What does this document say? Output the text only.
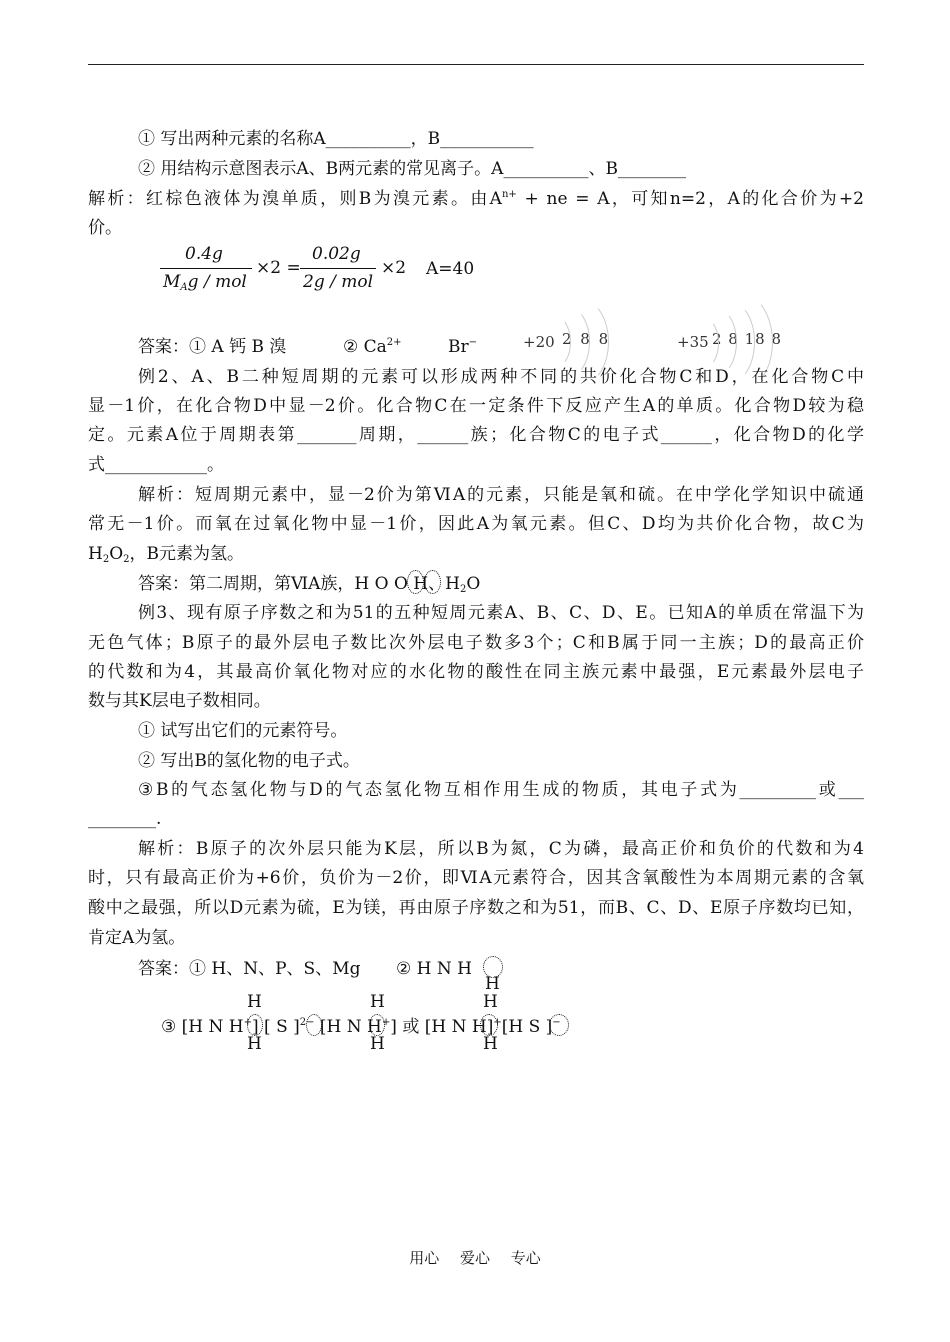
① 写出两种元素的名称A__________，B___________
② 用结构示意图表示A、B两元素的常见离子。A__________、B________
解析：红棕色液体为溴单质，则B为溴元素。由$A^{n+}$ + ne = A，可知n=2，A的化合价为+2
价。
0.4g
$M_Ag$ / mol
×2 =
0.02g
2g / mol
×2 A=40
答案：① A 钙 B 溴	② $Ca^{2+}$	Br−	+20 2 8 8	+35 2 8 18 8
例2、A、B二种短周期的元素可以形成两种不同的共价化合物C和D，在化合物C中
显－1价，在化合物D中显－2价。化合物C在一定条件下反应产生A的单质。化合物D较为稳
定。元素A位于周期表第_______周期，______族；化合物C的电子式______，化合物D的化学
式____________。
解析：短周期元素中，显－2价为第ⅥA的元素，只能是氧和硫。在中学化学知识中硫通
常无－1价。而氧在过氧化物中显－1价，因此A为氧元素。但C、D均为共价化合物，故C为
$H_2O_2$，B元素为氢。
答案：第二周期，第ⅥA族，H O O H、$H_2O$
例3、现有原子序数之和为51的五种短周元素A、B、C、D、E。已知A的单质在常温下为
无色气体；B原子的最外层电子数比次外层电子数多3个；C和B属于同一主族；D的最高正价
的代数和为4，其最高价氧化物对应的水化物的酸性在同主族元素中最强，E元素最外层电子
数与其K层电子数相同。
① 试写出它们的元素符号。
② 写出B的氢化物的电子式。
③B的气态氢化物与D的气态氢化物互相作用生成的物质，其电子式为_________或___
________.
解析：B原子的次外层只能为K层，所以B为氮，C为磷，最高正价和负价的代数和为4
时，只有最高正价为+6价，负价为－2价，即ⅥA元素符合，因其含氧酸性为本周期元素的含氧
酸中之最强，所以D元素为硫，E为镁，再由原子序数之和为51，而B、C、D、E原子序数均已知，
肯定A为氢。
答案：① H、N、P、S、Mg ② H N H
H
H	H	H
③ [H N H+] [ S ]$^{2-}$ [H N H+] 或 [H N H]+[H S ]−
H	H	H
用心 爱心 专心
